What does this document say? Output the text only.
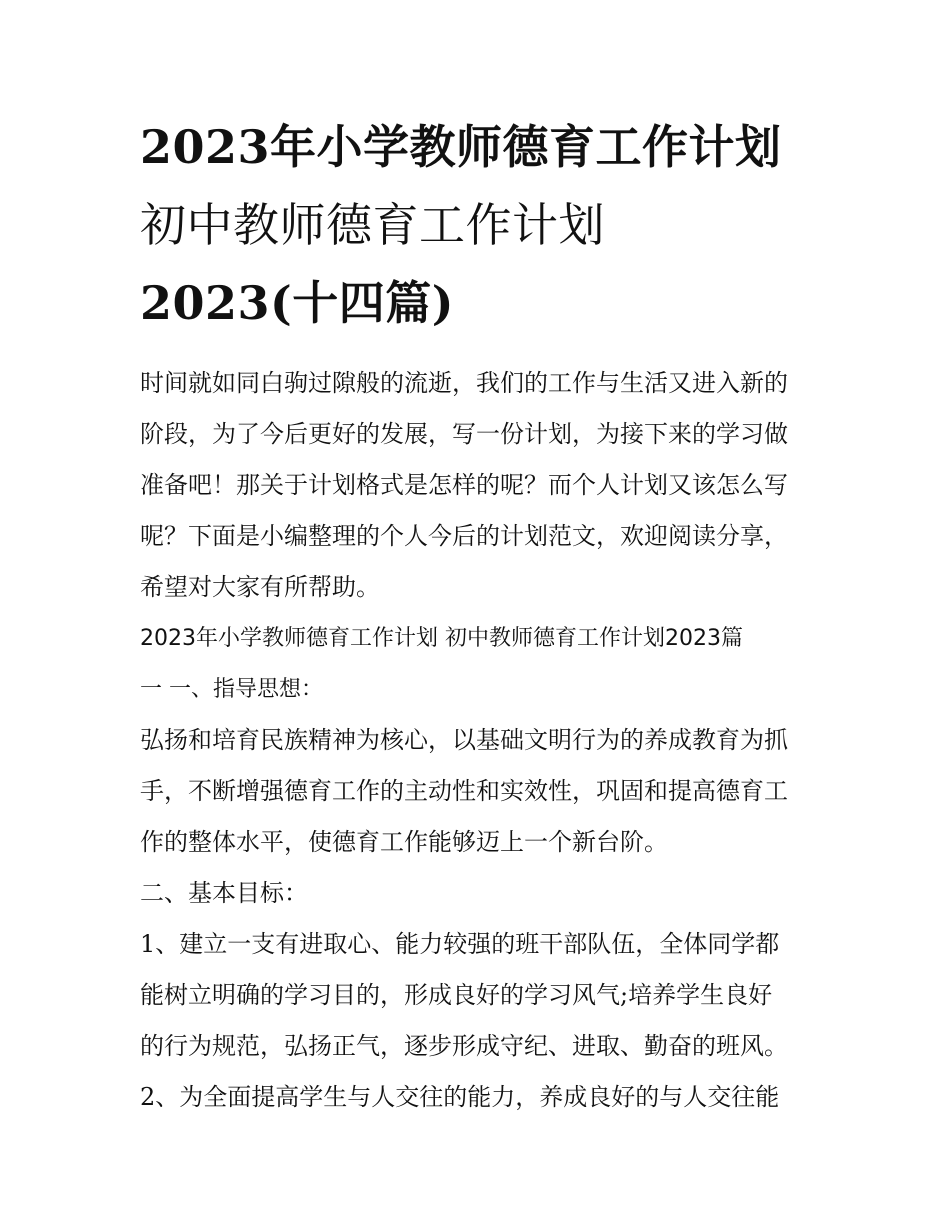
2023年小学教师德育工作计划
初中教师德育工作计划
2023(十四篇)

时间就如同白驹过隙般的流逝，我们的工作与生活又进入新的
阶段，为了今后更好的发展，写一份计划，为接下来的学习做
准备吧！那关于计划格式是怎样的呢？而个人计划又该怎么写
呢？下面是小编整理的个人今后的计划范文，欢迎阅读分享，
希望对大家有所帮助。

2023年小学教师德育工作计划 初中教师德育工作计划2023篇
一 一、指导思想：

弘扬和培育民族精神为核心，以基础文明行为的养成教育为抓
手，不断增强德育工作的主动性和实效性，巩固和提高德育工
作的整体水平，使德育工作能够迈上一个新台阶。

二、基本目标：

1、建立一支有进取心、能力较强的班干部队伍，全体同学都
能树立明确的学习目的，形成良好的学习风气;培养学生良好
的行为规范，弘扬正气，逐步形成守纪、进取、勤奋的班风。

2、为全面提高学生与人交往的能力，养成良好的与人交往能
